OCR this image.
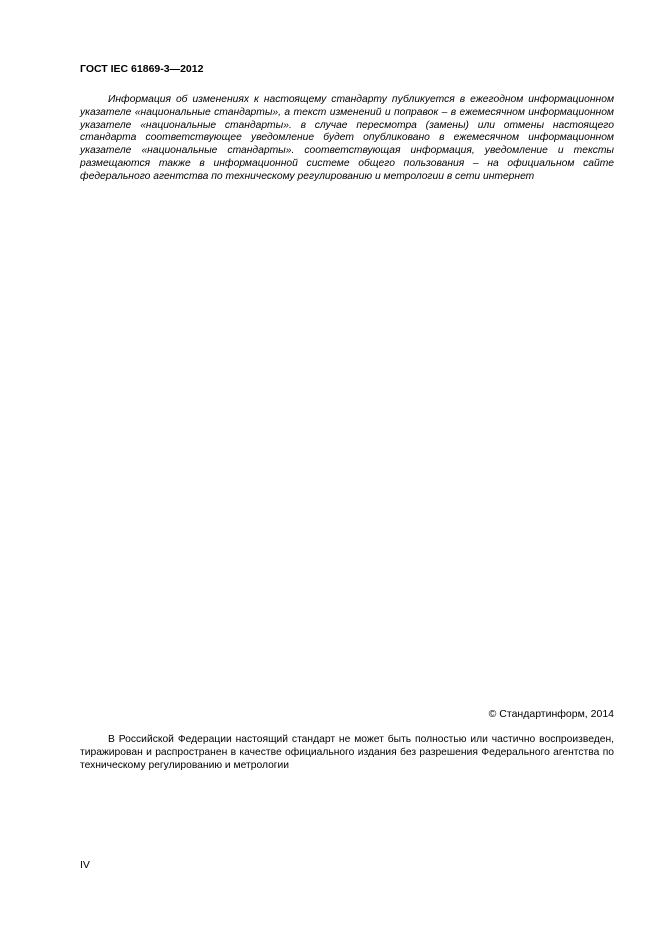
ГОСТ IEC 61869-3—2012

Информация об изменениях к настоящему стандарту публикуется в ежегодном информационном указателе «национальные стандарты», а текст изменений и поправок – в ежемесячном информационном указателе «национальные стандарты». в случае пересмотра (замены) или отмены настоящего стандарта соответствующее уведомление будет опубликовано в ежемесячном информационном указателе «национальные стандарты». соответствующая информация, уведомление и тексты размещаются также в информационной системе общего пользования – на официальном сайте федерального агентства по техническому регулированию и метрологии в сети интернет

© Стандартинформ, 2014

В Российской Федерации настоящий стандарт не может быть полностью или частично воспроизведен, тиражирован и распространен в качестве официального издания без разрешения Федерального агентства по техническому регулированию и метрологии

IV
